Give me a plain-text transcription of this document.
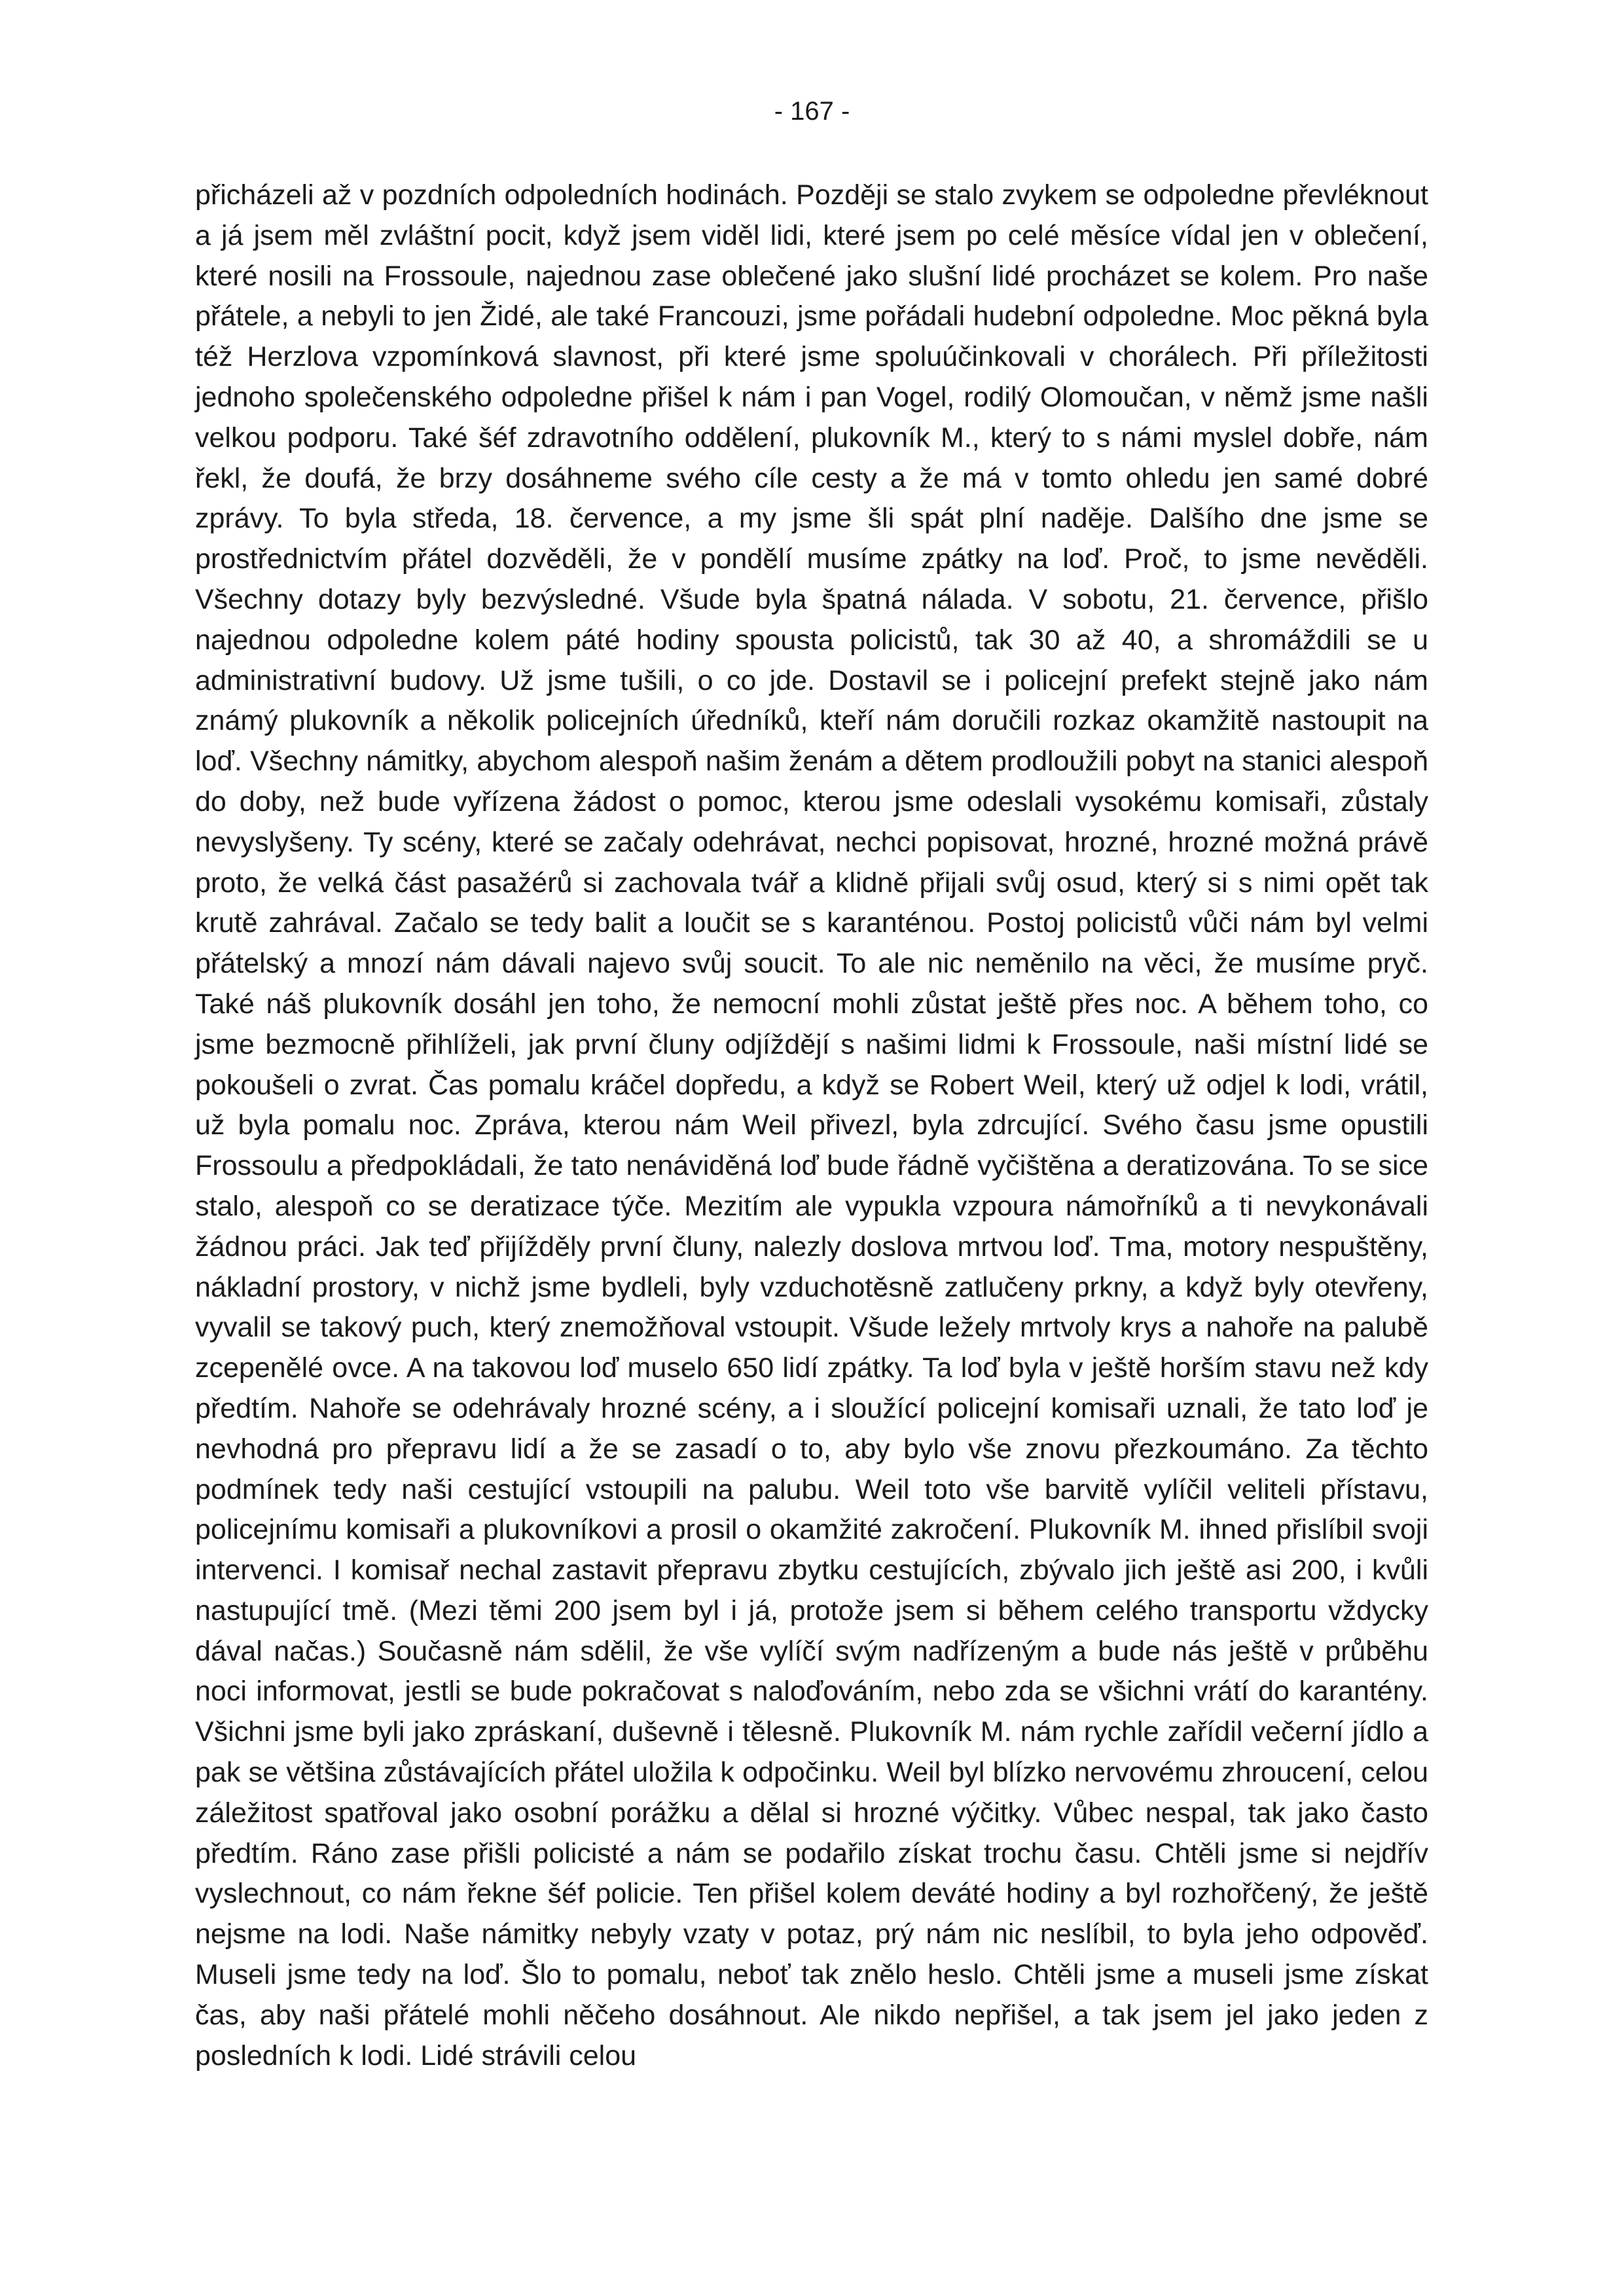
- 167 -

přicházeli až v pozdních odpoledních hodinách. Později se stalo zvykem se odpoledne převléknout a já jsem měl zvláštní pocit, když jsem viděl lidi, které jsem po celé měsíce vídal jen v oblečení, které nosili na Frossoule, najednou zase oblečené jako slušní lidé procházet se kolem. Pro naše přátele, a nebyli to jen Židé, ale také Francouzi, jsme pořádali hudební odpoledne. Moc pěkná byla též Herzlova vzpomínková slavnost, při které jsme spoluúčinkovali v chorálech. Při příležitosti jednoho společenského odpoledne přišel k nám i pan Vogel, rodilý Olomoučan, v němž jsme našli velkou podporu. Také šéf zdravotního oddělení, plukovník M., který to s námi myslel dobře, nám řekl, že doufá, že brzy dosáhneme svého cíle cesty a že má v tomto ohledu jen samé dobré zprávy. To byla středa, 18. července, a my jsme šli spát plní naděje. Dalšího dne jsme se prostřednictvím přátel dozvěděli, že v pondělí musíme zpátky na loď. Proč, to jsme nevěděli. Všechny dotazy byly bezvýsledné. Všude byla špatná nálada. V sobotu, 21. července, přišlo najednou odpoledne kolem páté hodiny spousta policistů, tak 30 až 40, a shromáždili se u administrativní budovy. Už jsme tušili, o co jde. Dostavil se i policejní prefekt stejně jako nám známý plukovník a několik policejních úředníků, kteří nám doručili rozkaz okamžitě nastoupit na loď. Všechny námitky, abychom alespoň našim ženám a dětem prodloužili pobyt na stanici alespoň do doby, než bude vyřízena žádost o pomoc, kterou jsme odeslali vysokému komisaři, zůstaly nevyslyšeny. Ty scény, které se začaly odehrávat, nechci popisovat, hrozné, hrozné možná právě proto, že velká část pasažérů si zachovala tvář a klidně přijali svůj osud, který si s nimi opět tak krutě zahrával. Začalo se tedy balit a loučit se s karanténou. Postoj policistů vůči nám byl velmi přátelský a mnozí nám dávali najevo svůj soucit. To ale nic neměnilo na věci, že musíme pryč. Také náš plukovník dosáhl jen toho, že nemocní mohli zůstat ještě přes noc. A během toho, co jsme bezmocně přihlíželi, jak první čluny odjíždějí s našimi lidmi k Frossoule, naši místní lidé se pokoušeli o zvrat. Čas pomalu kráčel dopředu, a když se Robert Weil, který už odjel k lodi, vrátil, už byla pomalu noc. Zpráva, kterou nám Weil přivezl, byla zdrcující. Svého času jsme opustili Frossoulu a předpokládali, že tato nenáviděná loď bude řádně vyčištěna a deratizována. To se sice stalo, alespoň co se deratizace týče. Mezitím ale vypukla vzpoura námořníků a ti nevykonávali žádnou práci. Jak teď přijížděly první čluny, nalezly doslova mrtvou loď. Tma, motory nespuštěny, nákladní prostory, v nichž jsme bydleli, byly vzduchotěsně zatlučeny prkny, a když byly otevřeny, vyvalil se takový puch, který znemožňoval vstoupit. Všude ležely mrtvoly krys a nahoře na palubě zcepenělé ovce. A na takovou loď muselo 650 lidí zpátky. Ta loď byla v ještě horším stavu než kdy předtím. Nahoře se odehrávaly hrozné scény, a i sloužící policejní komisaři uznali, že tato loď je nevhodná pro přepravu lidí a že se zasadí o to, aby bylo vše znovu přezkoumáno. Za těchto podmínek tedy naši cestující vstoupili na palubu. Weil toto vše barvitě vylíčil veliteli přístavu, policejnímu komisaři a plukovníkovi a prosil o okamžité zakročení. Plukovník M. ihned přislíbil svoji intervenci. I komisař nechal zastavit přepravu zbytku cestujících, zbývalo jich ještě asi 200, i kvůli nastupující tmě. (Mezi těmi 200 jsem byl i já, protože jsem si během celého transportu vždycky dával načas.) Současně nám sdělil, že vše vylíčí svým nadřízeným a bude nás ještě v průběhu noci informovat, jestli se bude pokračovat s naloďováním, nebo zda se všichni vrátí do karantény. Všichni jsme byli jako zpráskaní, duševně i tělesně. Plukovník M. nám rychle zařídil večerní jídlo a pak se většina zůstávajících přátel uložila k odpočinku. Weil byl blízko nervovému zhroucení, celou záležitost spatřoval jako osobní porážku a dělal si hrozné výčitky. Vůbec nespal, tak jako často předtím. Ráno zase přišli policisté a nám se podařilo získat trochu času. Chtěli jsme si nejdřív vyslechnout, co nám řekne šéf policie. Ten přišel kolem deváté hodiny a byl rozhořčený, že ještě nejsme na lodi. Naše námitky nebyly vzaty v potaz, prý nám nic neslíbil, to byla jeho odpověď. Museli jsme tedy na loď. Šlo to pomalu, neboť tak znělo heslo. Chtěli jsme a museli jsme získat čas, aby naši přátelé mohli něčeho dosáhnout. Ale nikdo nepřišel, a tak jsem jel jako jeden z posledních k lodi. Lidé strávili celou
